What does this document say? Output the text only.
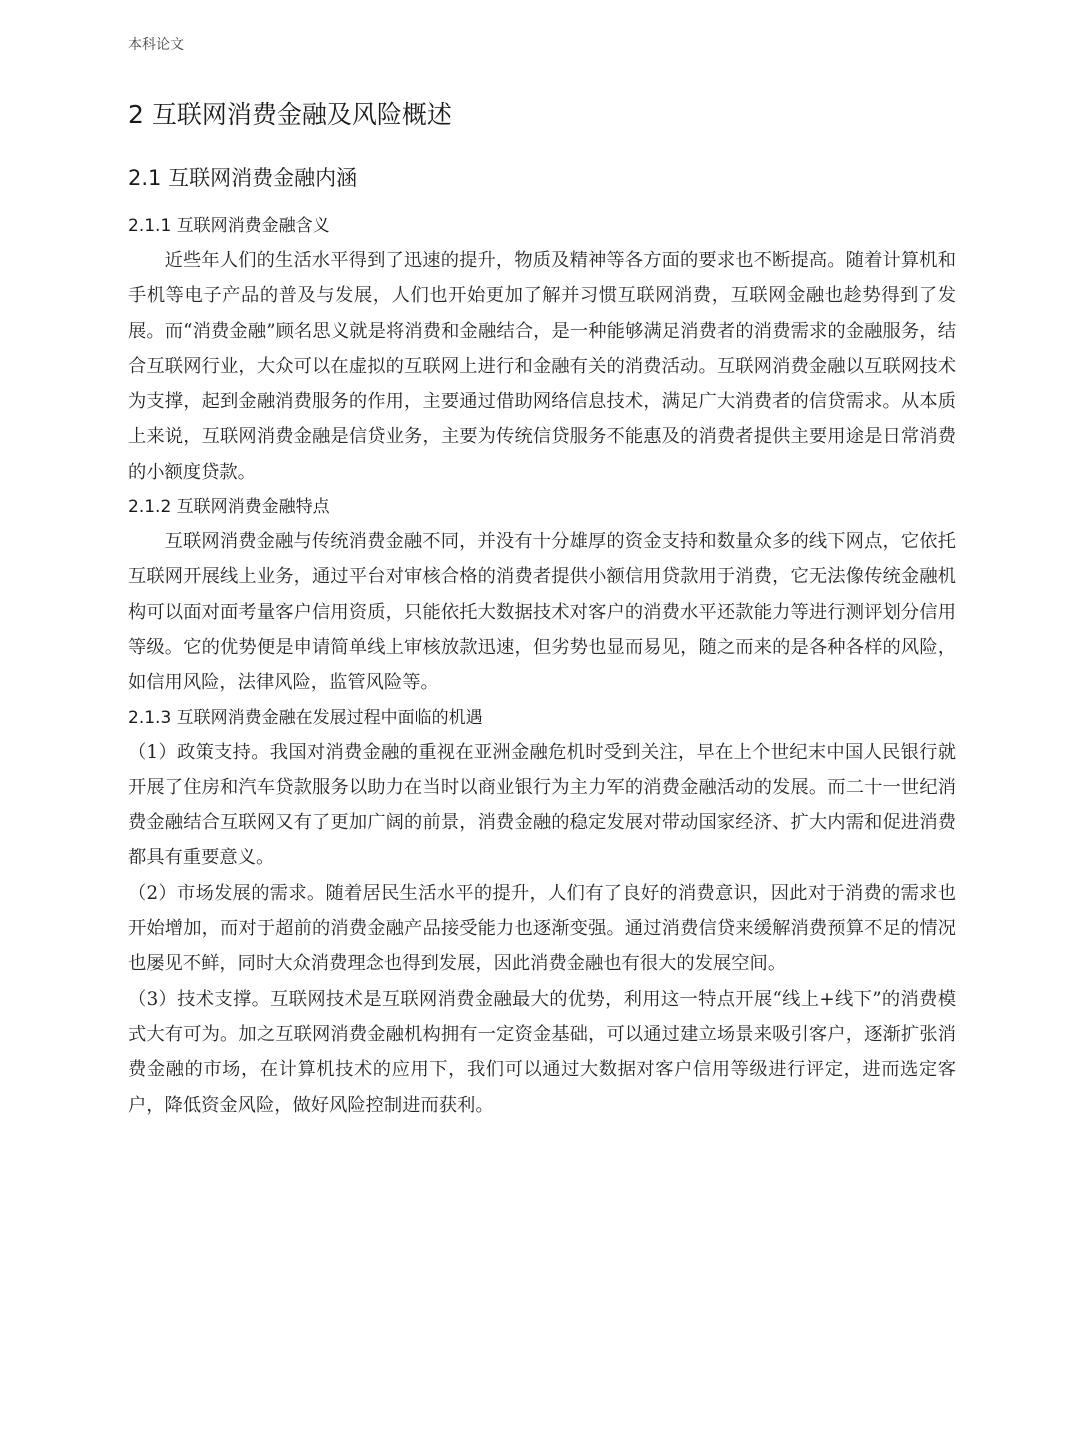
本科论文
2 互联网消费金融及风险概述
2.1 互联网消费金融内涵
2.1.1 互联网消费金融含义

近些年人们的生活水平得到了迅速的提升，物质及精神等各方面的要求也不断提高。随着计算机和手机等电子产品的普及与发展，人们也开始更加了解并习惯互联网消费，互联网金融也趁势得到了发展。而“消费金融”顾名思义就是将消费和金融结合，是一种能够满足消费者的消费需求的金融服务，结合互联网行业，大众可以在虚拟的互联网上进行和金融有关的消费活动。互联网消费金融以互联网技术为支撑，起到金融消费服务的作用，主要通过借助网络信息技术，满足广大消费者的信贷需求。从本质上来说，互联网消费金融是信贷业务，主要为传统信贷服务不能惠及的消费者提供主要用途是日常消费的小额度贷款。

2.1.2 互联网消费金融特点

互联网消费金融与传统消费金融不同，并没有十分雄厚的资金支持和数量众多的线下网点，它依托互联网开展线上业务，通过平台对审核合格的消费者提供小额信用贷款用于消费，它无法像传统金融机构可以面对面考量客户信用资质，只能依托大数据技术对客户的消费水平还款能力等进行测评划分信用等级。它的优势便是申请简单线上审核放款迅速，但劣势也显而易见，随之而来的是各种各样的风险，如信用风险，法律风险，监管风险等。

2.1.3 互联网消费金融在发展过程中面临的机遇

（1）政策支持。我国对消费金融的重视在亚洲金融危机时受到关注，早在上个世纪末中国人民银行就开展了住房和汽车贷款服务以助力在当时以商业银行为主力军的消费金融活动的发展。而二十一世纪消费金融结合互联网又有了更加广阔的前景，消费金融的稳定发展对带动国家经济、扩大内需和促进消费都具有重要意义。

（2）市场发展的需求。随着居民生活水平的提升，人们有了良好的消费意识，因此对于消费的需求也开始增加，而对于超前的消费金融产品接受能力也逐渐变强。通过消费信贷来缓解消费预算不足的情况也屡见不鲜，同时大众消费理念也得到发展，因此消费金融也有很大的发展空间。

（3）技术支撑。互联网技术是互联网消费金融最大的优势，利用这一特点开展“线上+线下”的消费模式大有可为。加之互联网消费金融机构拥有一定资金基础，可以通过建立场景来吸引客户，逐渐扩张消费金融的市场，在计算机技术的应用下，我们可以通过大数据对客户信用等级进行评定，进而选定客户，降低资金风险，做好风险控制进而获利。
